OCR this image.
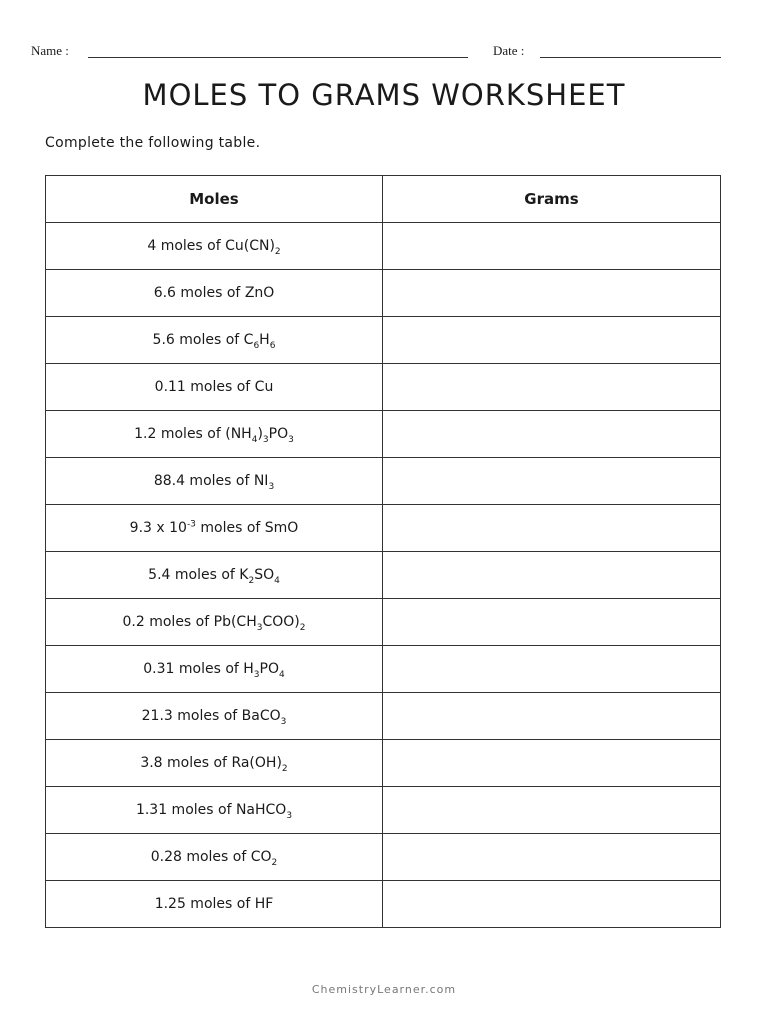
Name :	Date :
MOLES TO GRAMS WORKSHEET
Complete the following table.
Moles	Grams
4 moles of $Cu(CN)_2$	
6.6 moles of ZnO	
5.6 moles of $C_6H_6$	
0.11 moles of Cu	
1.2 moles of $(NH_4)_3PO_3$	
88.4 moles of $NI_3$	
9.3 x $10^{-3}$ moles of SmO	
5.4 moles of $K_2SO_4$	
0.2 moles of $Pb(CH_3COO)_2$	
0.31 moles of $H_3PO_4$	
21.3 moles of BaCO$_3$	
3.8 moles of $Ra(OH)_2$	
1.31 moles of NaHCO$_3$	
0.28 moles of $CO_2$	
1.25 moles of HF	
ChemistryLearner.com
